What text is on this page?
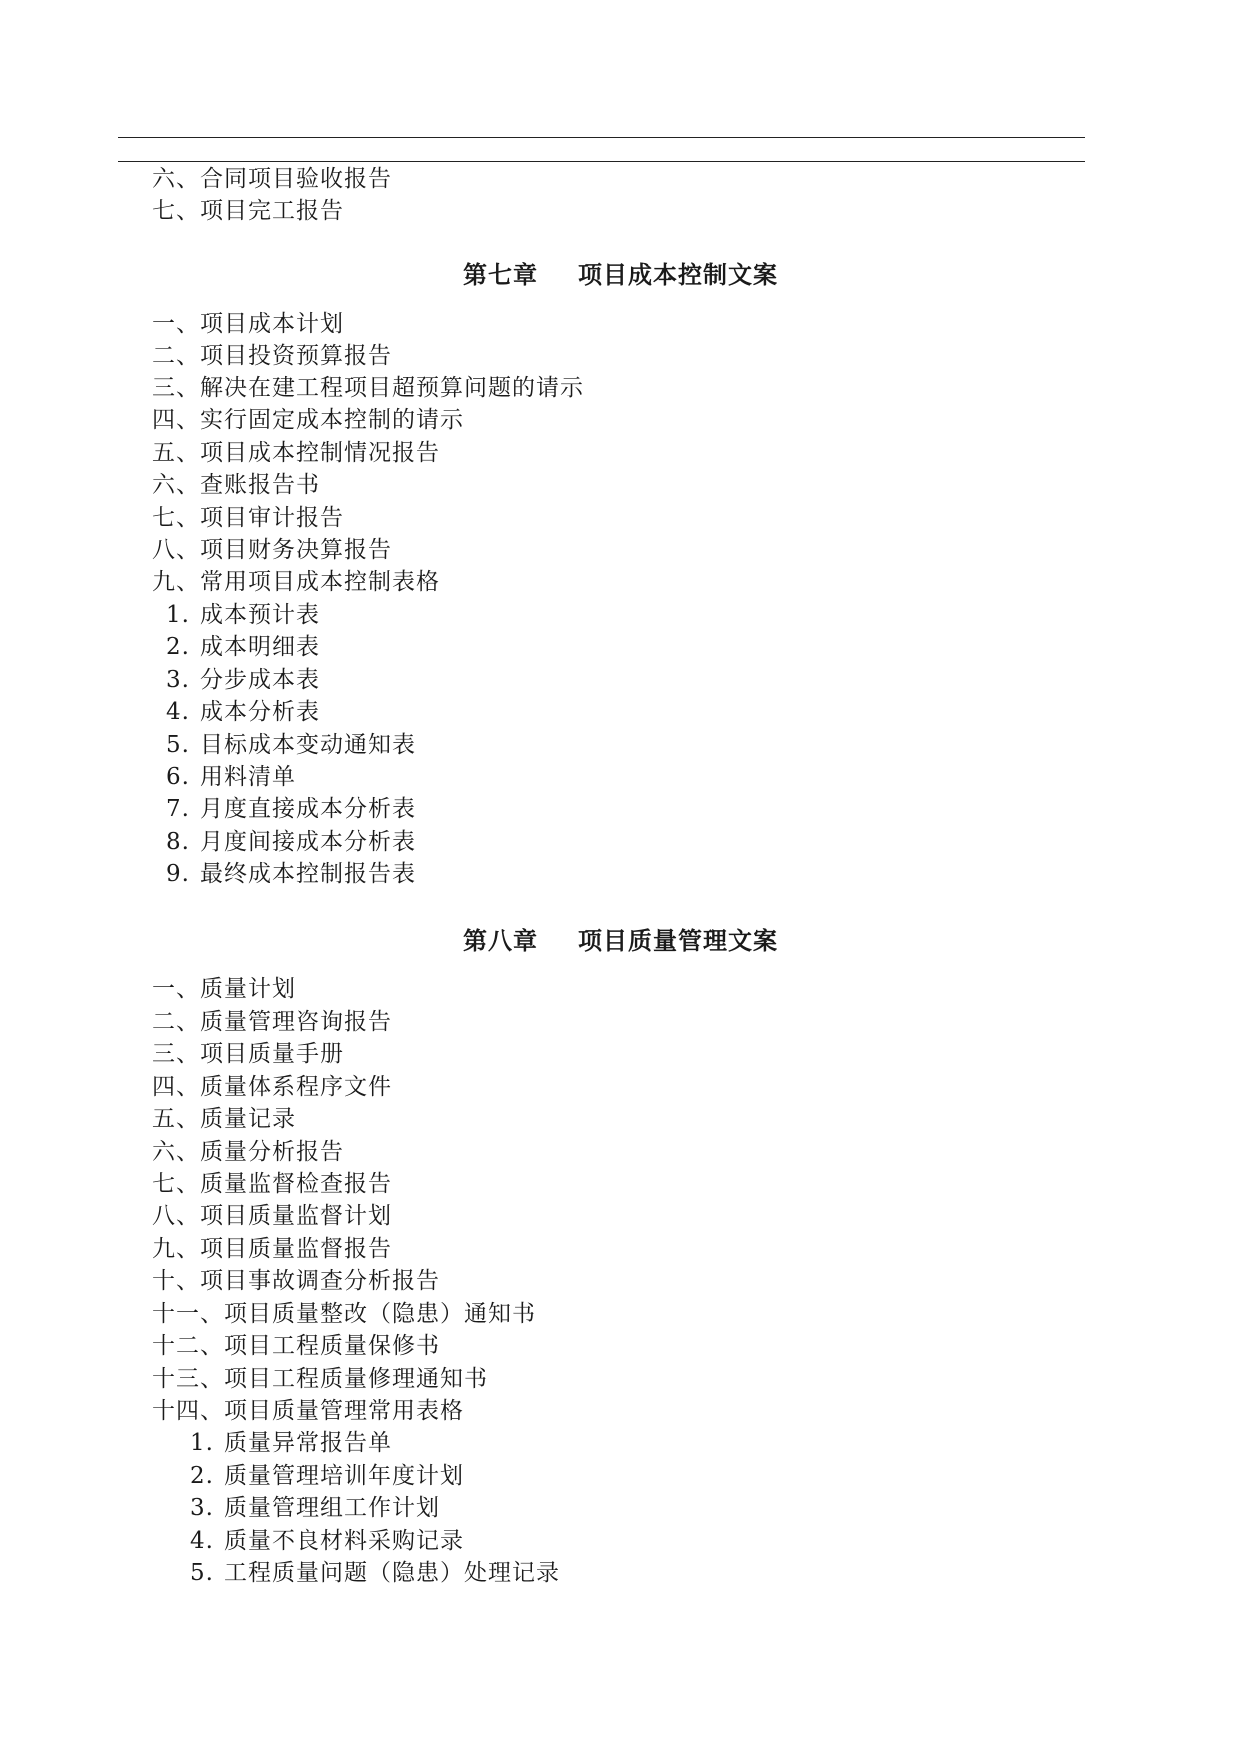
六、合同项目验收报告
七、项目完工报告
第七章 项目成本控制文案
一、项目成本计划
二、项目投资预算报告
三、解决在建工程项目超预算问题的请示
四、实行固定成本控制的请示
五、项目成本控制情况报告
六、查账报告书
七、项目审计报告
八、项目财务决算报告
九、常用项目成本控制表格
1. 成本预计表
2. 成本明细表
3. 分步成本表
4. 成本分析表
5. 目标成本变动通知表
6. 用料清单
7. 月度直接成本分析表
8. 月度间接成本分析表
9. 最终成本控制报告表
第八章 项目质量管理文案
一、质量计划
二、质量管理咨询报告
三、项目质量手册
四、质量体系程序文件
五、质量记录
六、质量分析报告
七、质量监督检查报告
八、项目质量监督计划
九、项目质量监督报告
十、项目事故调查分析报告
十一、项目质量整改（隐患）通知书
十二、项目工程质量保修书
十三、项目工程质量修理通知书
十四、项目质量管理常用表格
1. 质量异常报告单
2. 质量管理培训年度计划
3. 质量管理组工作计划
4. 质量不良材料采购记录
5. 工程质量问题（隐患）处理记录
